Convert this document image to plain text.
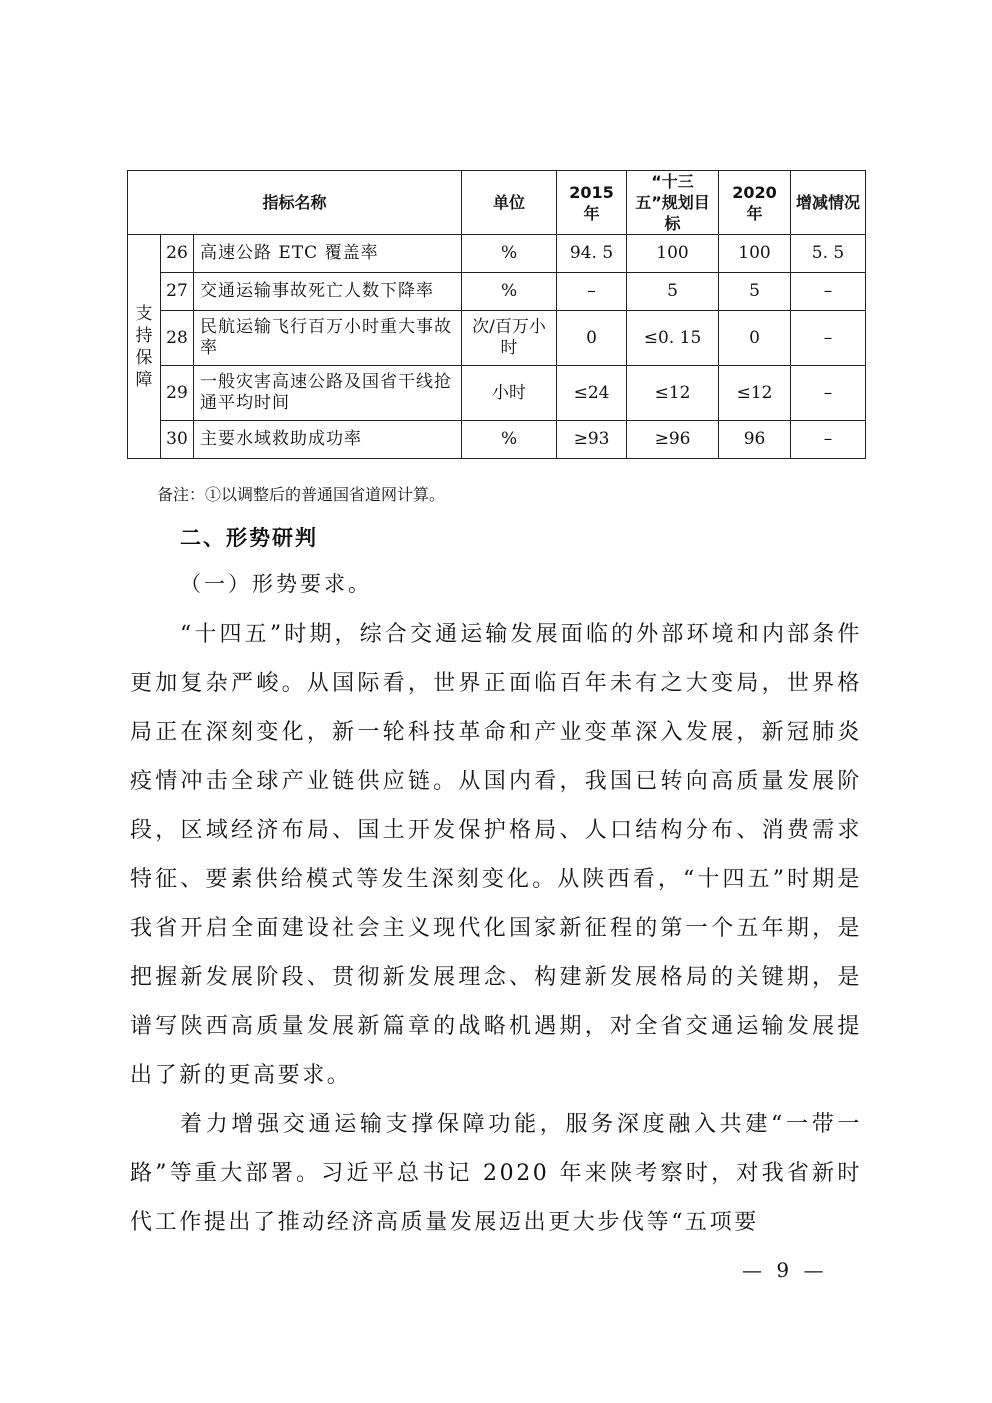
指标名称			单位	2015 年	“十三五”规划目标	2020 年	增减情况
支持保障	26	高速公路 ETC 覆盖率	%	94. 5	100	100	5. 5
	27	交通运输事故死亡人数下降率	%	–	5	5	–
	28	民航运输飞行百万小时重大事故率	次/百万小时	0	≤0. 15	0	–
	29	一般灾害高速公路及国省干线抢通平均时间	小时	≤24	≤12	≤12	–
	30	主要水域救助成功率	%	≥93	≥96	96	–
备注：①以调整后的普通国省道网计算。
二、形势研判
（一）形势要求。
“十四五”时期，综合交通运输发展面临的外部环境和内部条件更加复杂严峻。从国际看，世界正面临百年未有之大变局，世界格局正在深刻变化，新一轮科技革命和产业变革深入发展，新冠肺炎疫情冲击全球产业链供应链。从国内看，我国已转向高质量发展阶段，区域经济布局、国土开发保护格局、人口结构分布、消费需求特征、要素供给模式等发生深刻变化。从陕西看，“十四五”时期是我省开启全面建设社会主义现代化国家新征程的第一个五年期，是把握新发展阶段、贯彻新发展理念、构建新发展格局的关键期，是谱写陕西高质量发展新篇章的战略机遇期，对全省交通运输发展提出了新的更高要求。
着力增强交通运输支撑保障功能，服务深度融入共建“一带一路”等重大部署。习近平总书记 2020 年来陕考察时，对我省新时代工作提出了推动经济高质量发展迈出更大步伐等“五项要
— 9 —
